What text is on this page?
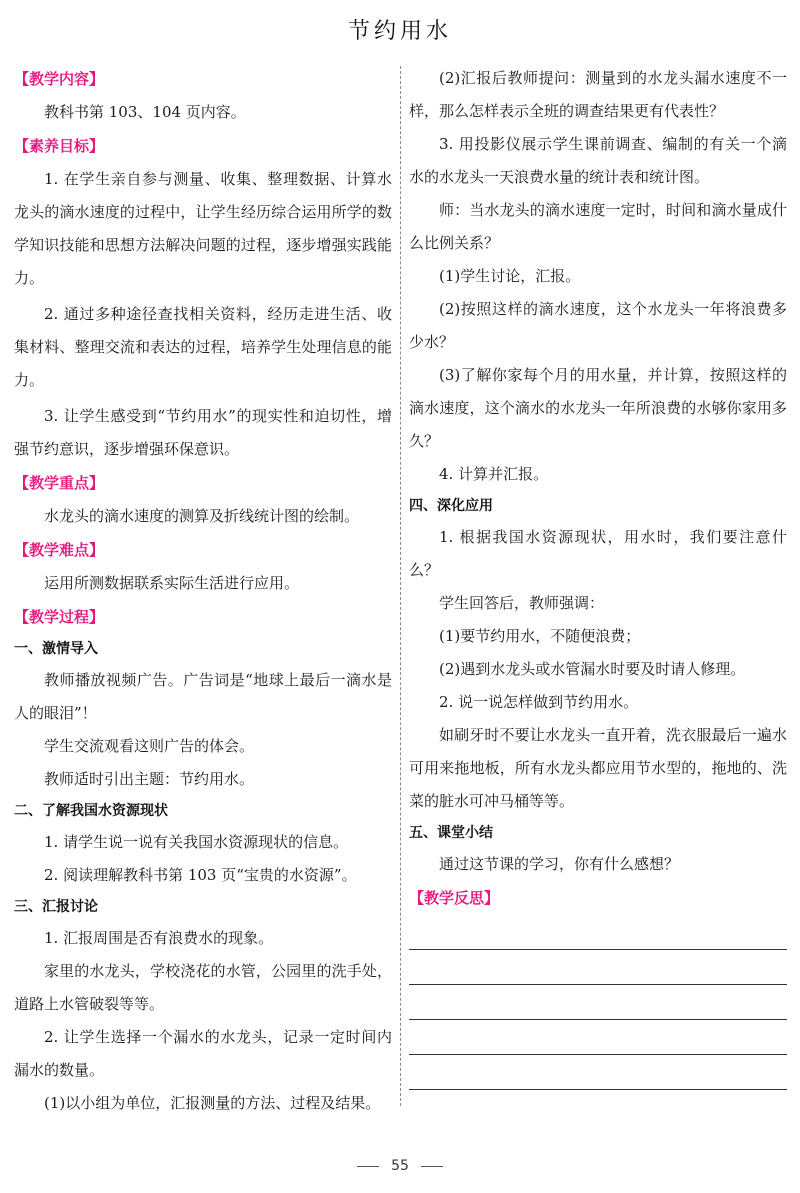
节约用水
【教学内容】

教科书第 103、104 页内容。

【素养目标】

1. 在学生亲自参与测量、收集、整理数据、计算水龙头的滴水速度的过程中，让学生经历综合运用所学的数学知识技能和思想方法解决问题的过程，逐步增强实践能力。

2. 通过多种途径查找相关资料，经历走进生活、收集材料、整理交流和表达的过程，培养学生处理信息的能力。

3. 让学生感受到“节约用水”的现实性和迫切性，增强节约意识，逐步增强环保意识。

【教学重点】

水龙头的滴水速度的测算及折线统计图的绘制。

【教学难点】

运用所测数据联系实际生活进行应用。

【教学过程】
一、激情导入

教师播放视频广告。广告词是“地球上最后一滴水是人的眼泪”！

学生交流观看这则广告的体会。

教师适时引出主题：节约用水。

二、了解我国水资源现状

1. 请学生说一说有关我国水资源现状的信息。

2. 阅读理解教科书第 103 页“宝贵的水资源”。

三、汇报讨论

1. 汇报周围是否有浪费水的现象。

家里的水龙头，学校浇花的水管，公园里的洗手处，道路上水管破裂等等。

2. 让学生选择一个漏水的水龙头，记录一定时间内漏水的数量。

(1)以小组为单位，汇报测量的方法、过程及结果。

(2)汇报后教师提问：测量到的水龙头漏水速度不一样，那么怎样表示全班的调查结果更有代表性？

3. 用投影仪展示学生课前调查、编制的有关一个滴水的水龙头一天浪费水量的统计表和统计图。

师：当水龙头的滴水速度一定时，时间和滴水量成什么比例关系？

(1)学生讨论，汇报。

(2)按照这样的滴水速度，这个水龙头一年将浪费多少水？

(3)了解你家每个月的用水量，并计算，按照这样的滴水速度，这个滴水的水龙头一年所浪费的水够你家用多久？

4. 计算并汇报。

四、深化应用

1. 根据我国水资源现状，用水时，我们要注意什么？

学生回答后，教师强调：

(1)要节约用水，不随便浪费；

(2)遇到水龙头或水管漏水时要及时请人修理。

2. 说一说怎样做到节约用水。

如刷牙时不要让水龙头一直开着，洗衣服最后一遍水可用来拖地板，所有水龙头都应用节水型的，拖地的、洗菜的脏水可冲马桶等等。

五、课堂小结

通过这节课的学习，你有什么感想？

【教学反思】
55
